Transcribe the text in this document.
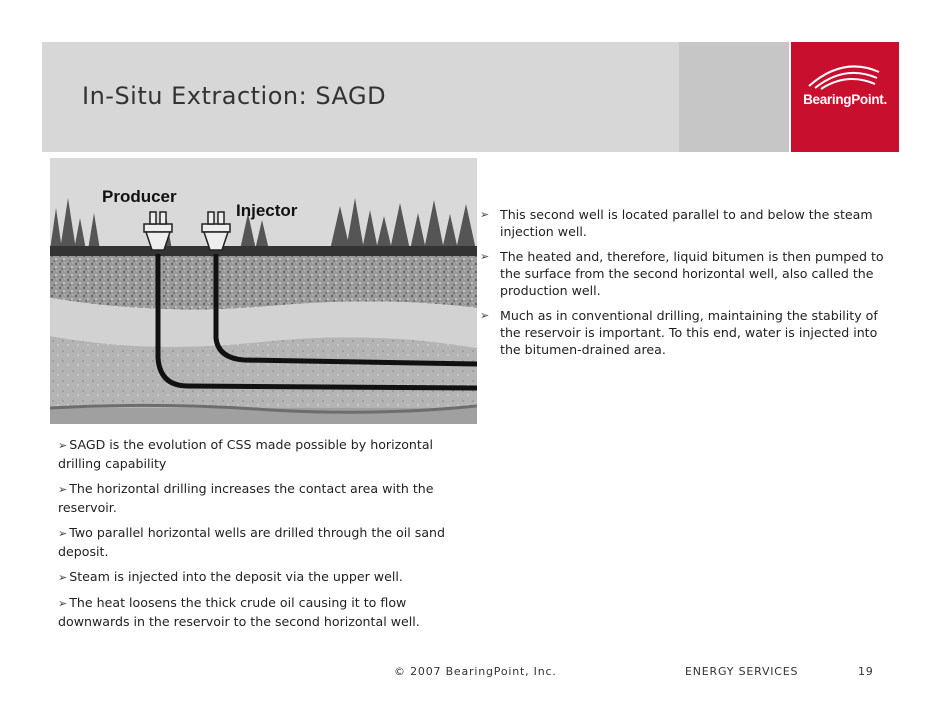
In-Situ Extraction: SAGD	BearingPoint.
Producer
Injector	➢ This second well is located parallel to and below the steam injection well.
➢ The heated and, therefore, liquid bitumen is then pumped to the surface from the second horizontal well, also called the production well.
➢ Much as in conventional drilling, maintaining the stability of the reservoir is important. To this end, water is injected into the bitumen-drained area.
➢ SAGD is the evolution of CSS made possible by horizontal drilling capability
➢ The horizontal drilling increases the contact area with the reservoir.
➢ Two parallel horizontal wells are drilled through the oil sand deposit.
➢ Steam is injected into the deposit via the upper well.
➢ The heat loosens the thick crude oil causing it to flow downwards in the reservoir to the second horizontal well.
© 2007 BearingPoint, Inc.	ENERGY SERVICES	19
